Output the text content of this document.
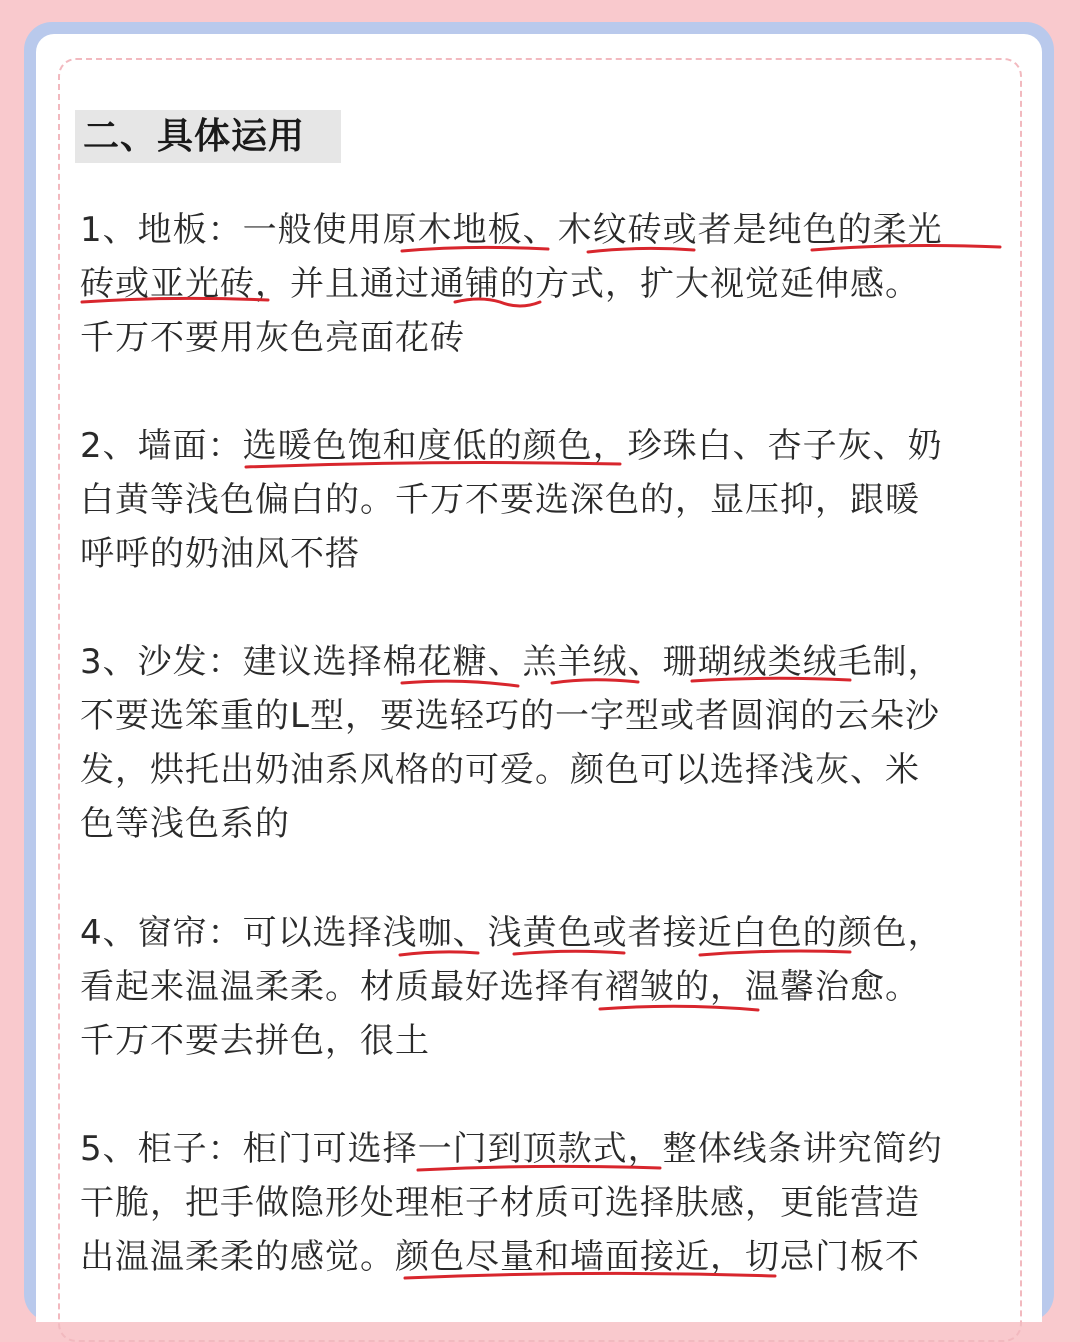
二、具体运用
1、地板：一般使用原木地板、木纹砖或者是纯色的柔光
砖或亚光砖，并且通过通铺的方式，扩大视觉延伸感。
千万不要用灰色亮面花砖
2、墙面：选暖色饱和度低的颜色，珍珠白、杏子灰、奶
白黄等浅色偏白的。千万不要选深色的，显压抑，跟暖
呼呼的奶油风不搭
3、沙发：建议选择棉花糖、羔羊绒、珊瑚绒类绒毛制，
不要选笨重的L型，要选轻巧的一字型或者圆润的云朵沙
发，烘托出奶油系风格的可爱。颜色可以选择浅灰、米
色等浅色系的
4、窗帘：可以选择浅咖、浅黄色或者接近白色的颜色，
看起来温温柔柔。材质最好选择有褶皱的，温馨治愈。
千万不要去拼色，很土
5、柜子：柜门可选择一门到顶款式，整体线条讲究简约
干脆，把手做隐形处理柜子材质可选择肤感，更能营造
出温温柔柔的感觉。颜色尽量和墙面接近，切忌门板不
